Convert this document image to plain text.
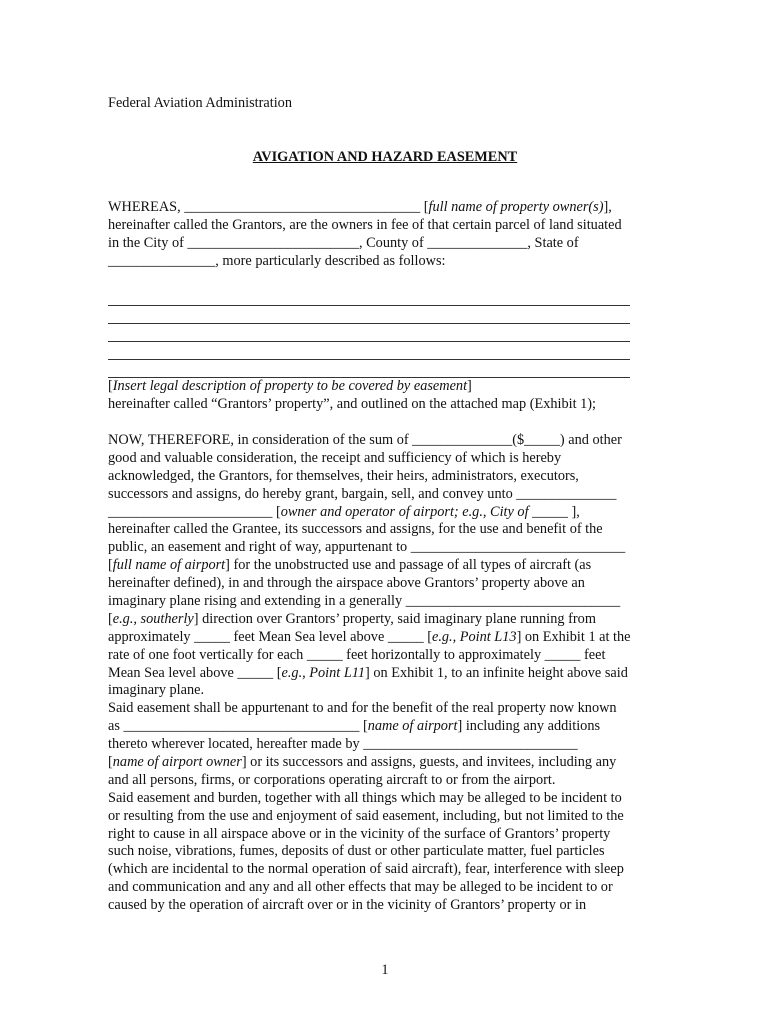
Federal Aviation Administration
AVIGATION AND HAZARD EASEMENT
WHEREAS, _________________________________ [full name of property owner(s)],
hereinafter called the Grantors, are the owners in fee of that certain parcel of land situated
in the City of ________________________, County of ______________, State of
_______________, more particularly described as follows:
[Insert legal description of property to be covered by easement]
hereinafter called “Grantors’ property”, and outlined on the attached map (Exhibit 1);
NOW, THEREFORE, in consideration of the sum of ______________($_____) and other
good and valuable consideration, the receipt and sufficiency of which is hereby
acknowledged, the Grantors, for themselves, their heirs, administrators, executors,
successors and assigns, do hereby grant, bargain, sell, and convey unto ______________
_______________________ [owner and operator of airport; e.g., City of _____ ],
hereinafter called the Grantee, its successors and assigns, for the use and benefit of the
public, an easement and right of way, appurtenant to ______________________________
[full name of airport] for the unobstructed use and passage of all types of aircraft (as
hereinafter defined), in and through the airspace above Grantors’ property above an
imaginary plane rising and extending in a generally ______________________________
[e.g., southerly] direction over Grantors’ property, said imaginary plane running from
approximately _____ feet Mean Sea level above _____ [e.g., Point L13] on Exhibit 1 at the
rate of one foot vertically for each _____ feet horizontally to approximately _____ feet
Mean Sea level above _____ [e.g., Point L11] on Exhibit 1, to an infinite height above said
imaginary plane.
Said easement shall be appurtenant to and for the benefit of the real property now known
as _________________________________ [name of airport] including any additions
thereto wherever located, hereafter made by ______________________________
[name of airport owner] or its successors and assigns, guests, and invitees, including any
and all persons, firms, or corporations operating aircraft to or from the airport.
Said easement and burden, together with all things which may be alleged to be incident to
or resulting from the use and enjoyment of said easement, including, but not limited to the
right to cause in all airspace above or in the vicinity of the surface of Grantors’ property
such noise, vibrations, fumes, deposits of dust or other particulate matter, fuel particles
(which are incidental to the normal operation of said aircraft), fear, interference with sleep
and communication and any and all other effects that may be alleged to be incident to or
caused by the operation of aircraft over or in the vicinity of Grantors’ property or in
1
